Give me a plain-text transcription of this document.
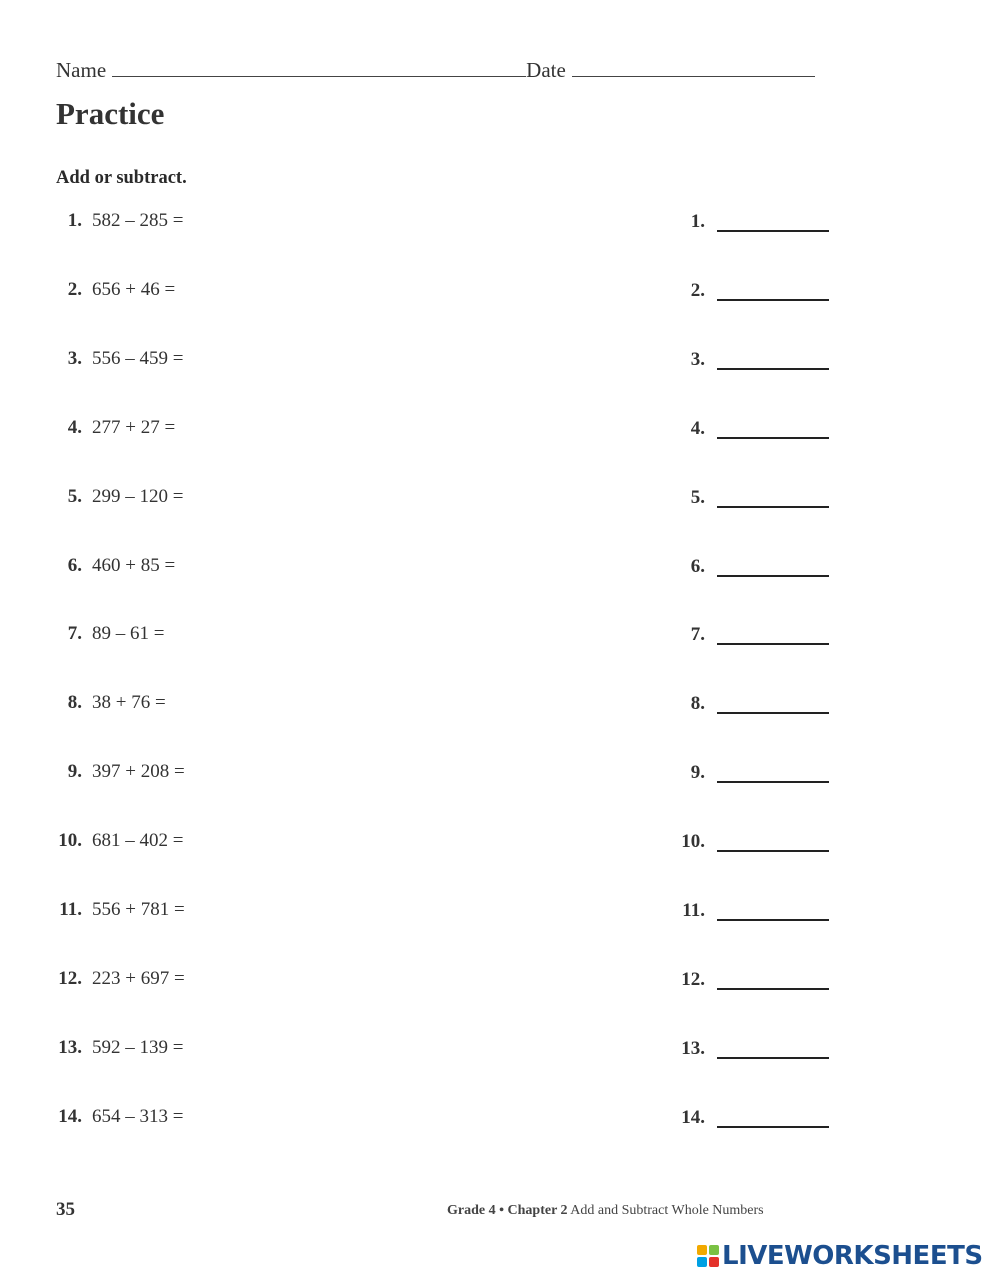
Name	Date
Practice
Add or subtract.
1. 582 – 285 =	1.
2. 656 + 46 =	2.
3. 556 – 459 =	3.
4. 277 + 27 =	4.
5. 299 – 120 =	5.
6. 460 + 85 =	6.
7. 89 – 61 =	7.
8. 38 + 76 =	8.
9. 397 + 208 =	9.
10. 681 – 402 =	10.
11. 556 + 781 =	11.
12. 223 + 697 =	12.
13. 592 – 139 =	13.
14. 654 – 313 =	14.
35	Grade 4 • Chapter 2 Add and Subtract Whole Numbers
LIVEWORKSHEETS
